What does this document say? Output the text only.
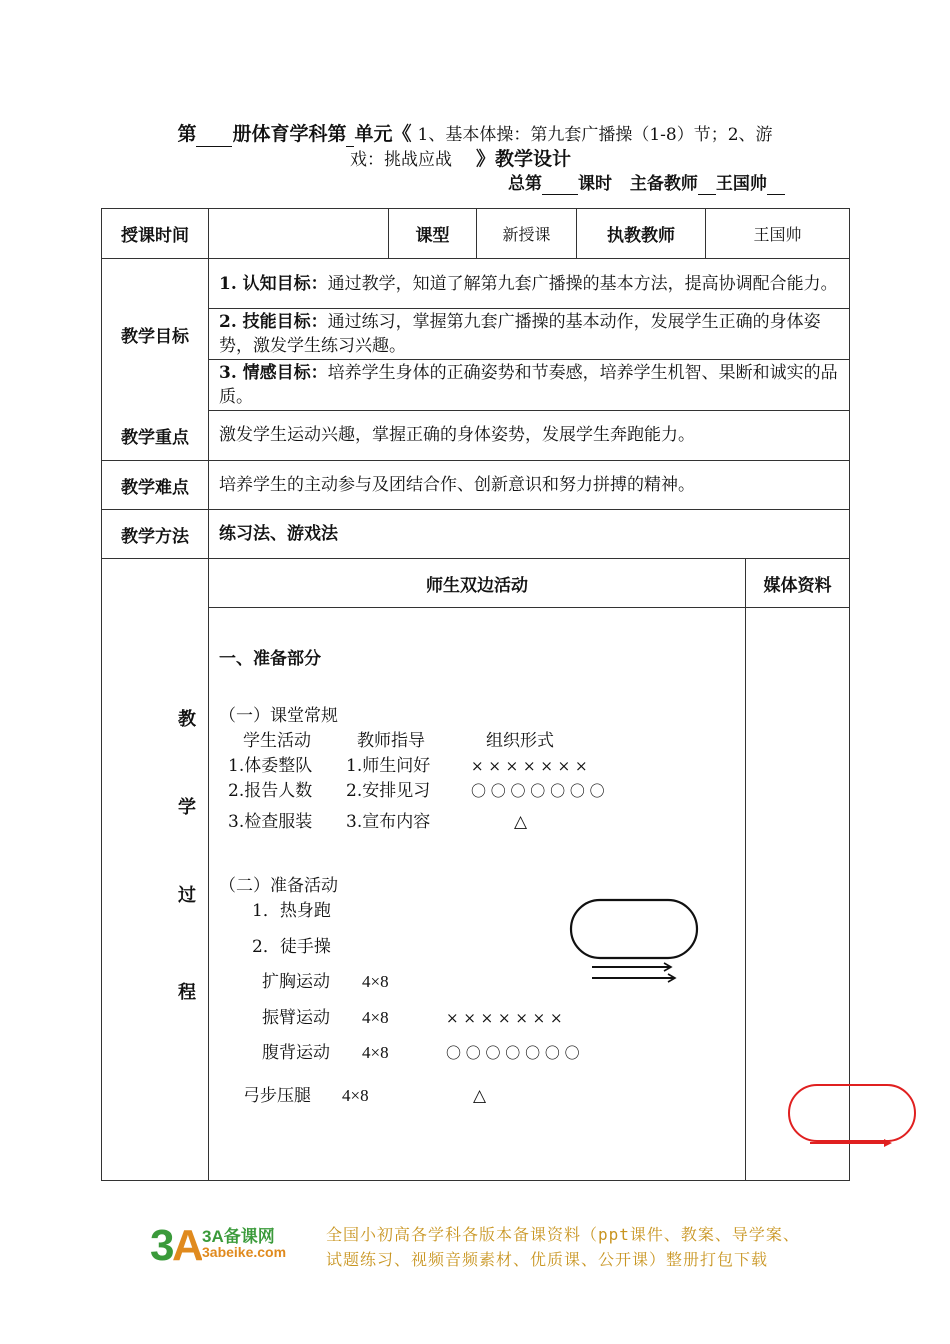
第 册体育学科第 单元《 1、基本体操：第九套广播操（1-8）节；2、游
戏：挑战应战 》教学设计
总第 课时 主备教师 王国帅
授课时间		课型	新授课	执教教师	王国帅	
教学目标	1. 认知目标：通过教学，知道了解第九套广播操的基本方法，提高协调配合能力。					
	2. 技能目标：通过练习，掌握第九套广播操的基本动作，发展学生正确的身体姿势，激发学生练习兴趣。					
	3. 情感目标：培养学生身体的正确姿势和节奏感，培养学生机智、果断和诚实的品质。					
教学重点	激发学生运动兴趣，掌握正确的身体姿势，发展学生奔跑能力。					
教学难点	培养学生的主动参与及团结合作、创新意识和努力拼搏的精神。					
教学方法	练习法、游戏法					
	师生双边活动					媒体资料

教
学
过
程
一、准备部分
（一）课堂常规
学生活动	教师指导	组织形式
1.体委整队 1.师生问好	× × × × × × ×
2.报告人数 2.安排见习	〇 〇 〇 〇 〇 〇 〇
3.检查服装 3.宣布内容	△
（二）准备活动
1．热身跑
2．徒手操
扩胸运动 4×8
振臂运动 4×8	× × × × × × ×
腹背运动 4×8	〇 〇 〇 〇 〇 〇 〇
弓步压腿 4×8	△
3
A
3A备课网
3abeike.com
全国小初高各学科各版本备课资料（ppt课件、教案、导学案、
试题练习、视频音频素材、优质课、公开课）整册打包下载
